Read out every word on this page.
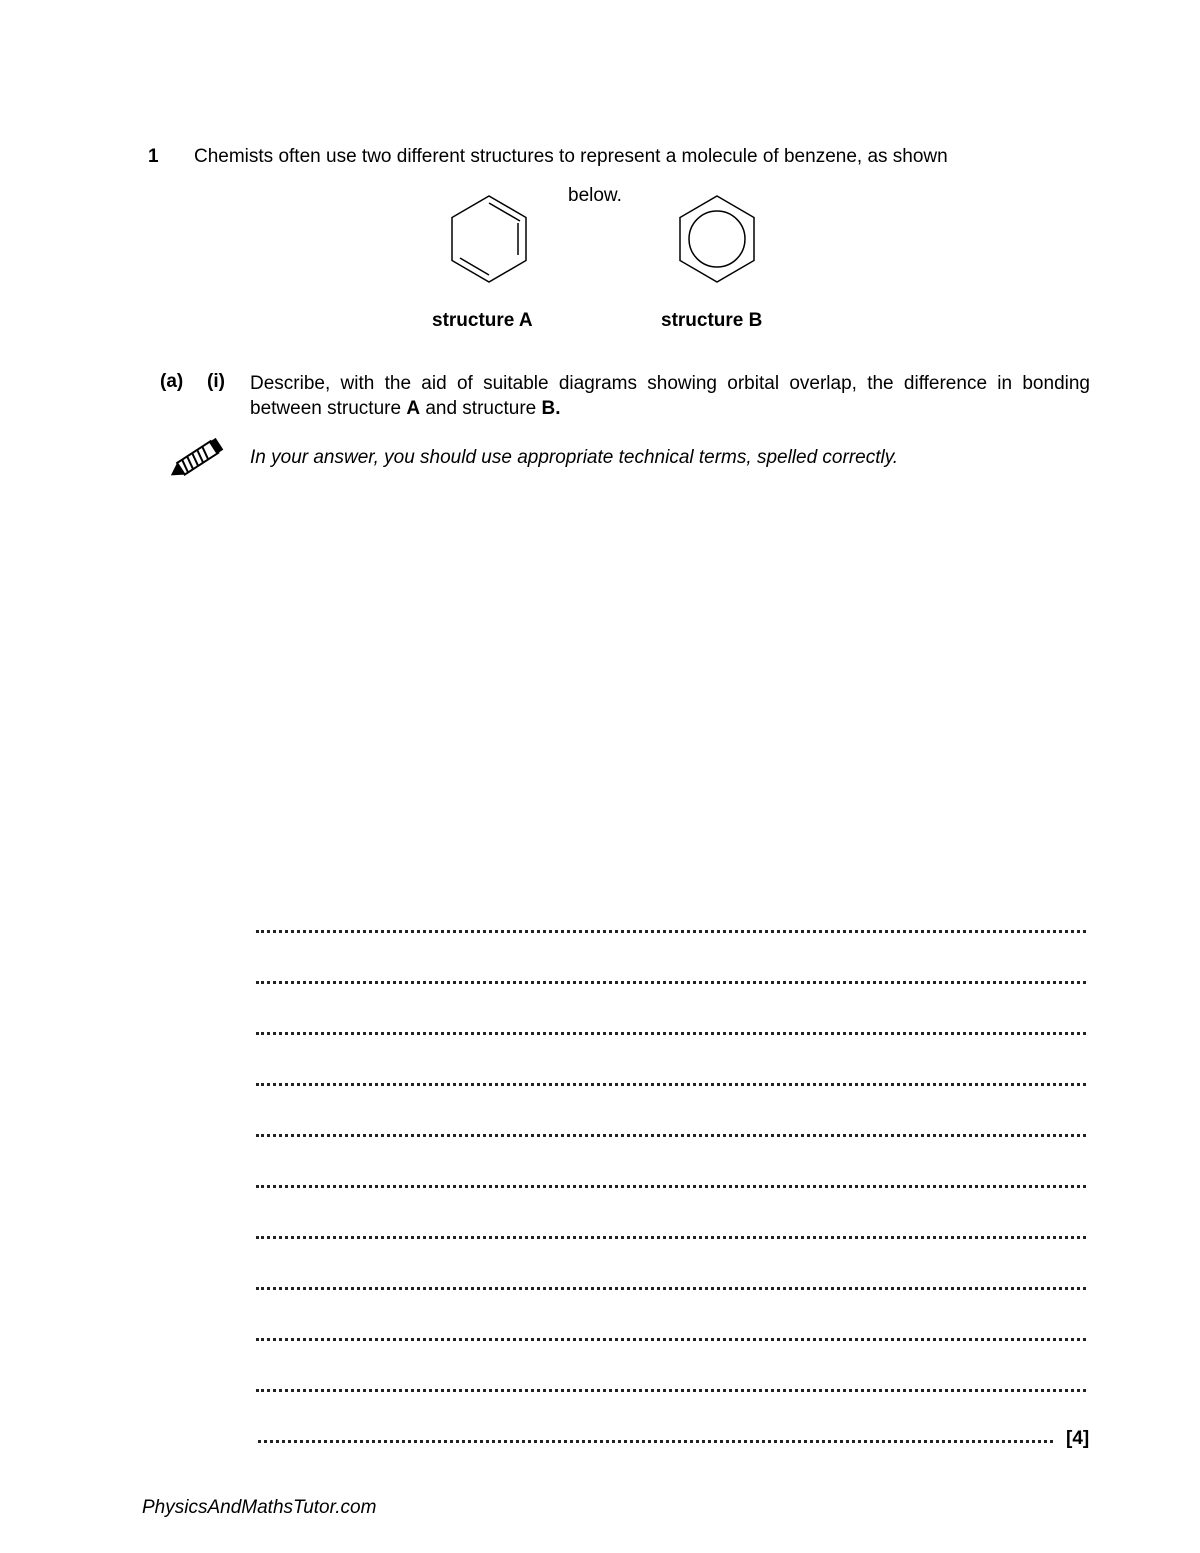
1 Chemists often use two different structures to represent a molecule of benzene, as shown
below.
structure A	structure B
(a) (i) Describe, with the aid of suitable diagrams showing orbital overlap, the difference in bonding between structure A and structure B.
In your answer, you should use appropriate technical terms, spelled correctly.
[4]
PhysicsAndMathsTutor.com
